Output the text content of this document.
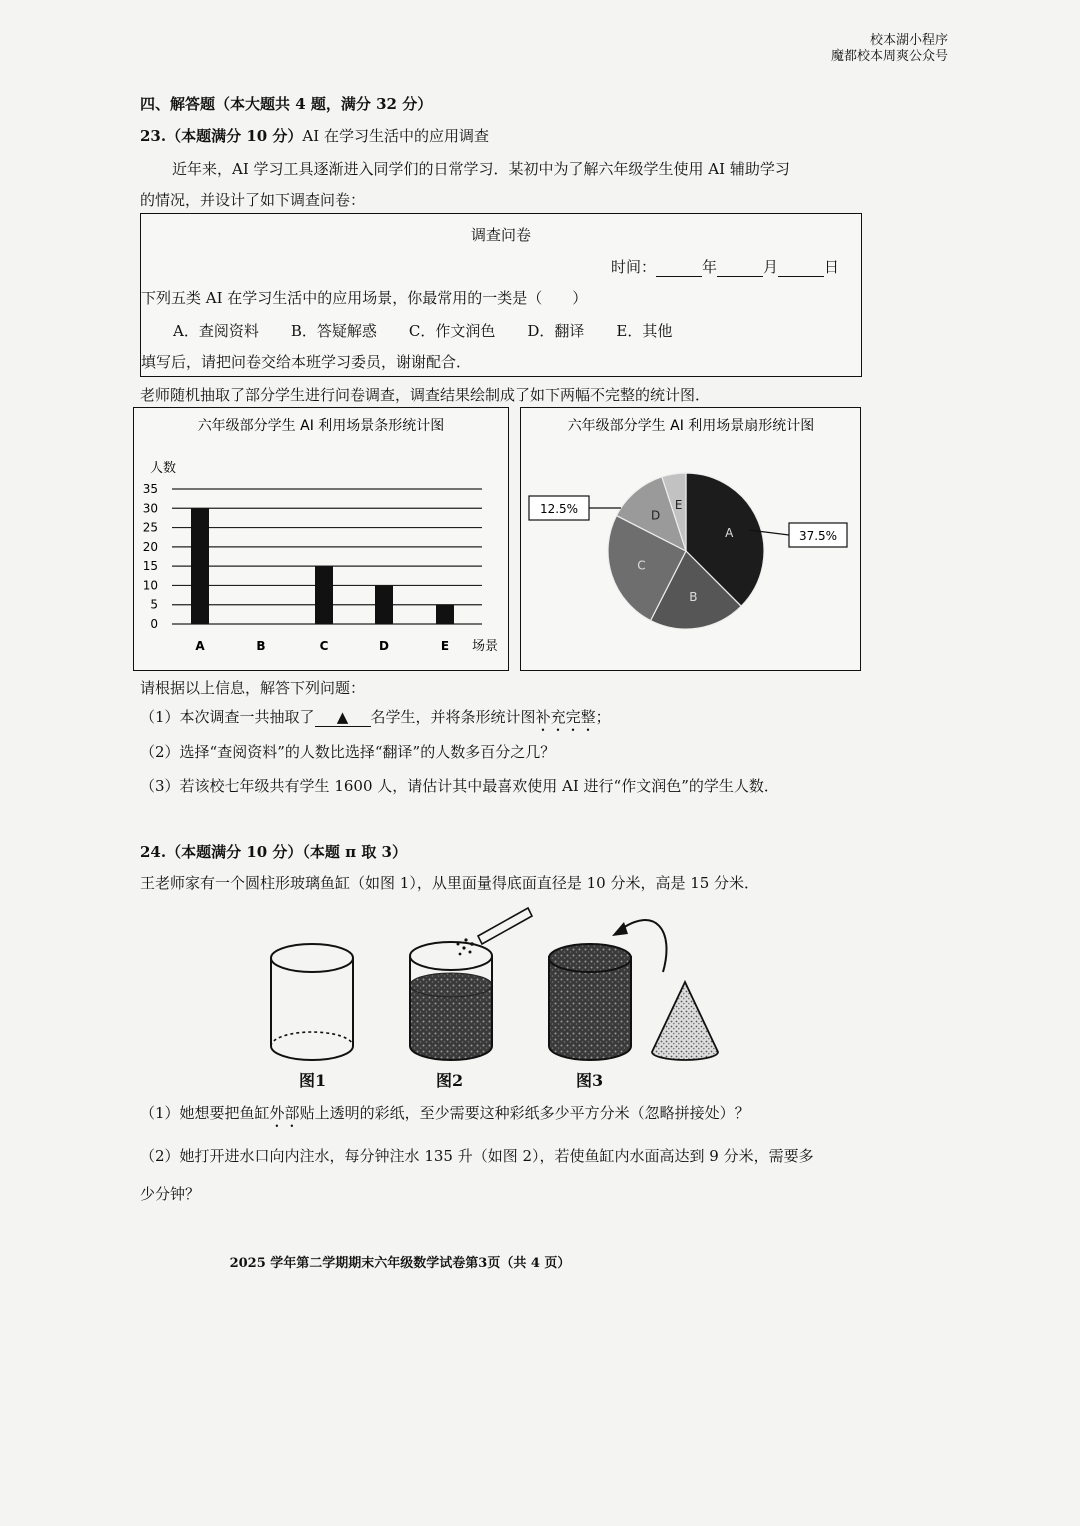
校本湖小程序
魔都校本周爽公众号
四、解答题（本大题共 4 题，满分 32 分）
23.（本题满分 10 分）AI 在学习生活中的应用调查
近年来，AI 学习工具逐渐进入同学们的日常学习．某初中为了解六年级学生使用 AI 辅助学习
的情况，并设计了如下调查问卷：
调查问卷
时间：	年	月	日
下列五类 AI 在学习生活中的应用场景，你最常用的一类是（　　）
A．查阅资料 B．答疑解惑 C．作文润色 D．翻译 E．其他
填写后，请把问卷交给本班学习委员，谢谢配合．
老师随机抽取了部分学生进行问卷调查，调查结果绘制成了如下两幅不完整的统计图．
六年级部分学生 AI 利用场景条形统计图
人数
场景
0
5
10
15
20
25
30
35
A	B	C	D	E
六年级部分学生 AI 利用场景扇形统计图
A
B
C
D
E
12.5%
37.5%
请根据以上信息，解答下列问题：
（1）本次调查一共抽取了 ▲ 名学生，并将条形统计图补充完整；
（2）选择“查阅资料”的人数比选择“翻译”的人数多百分之几？
（3）若该校七年级共有学生 1600 人，请估计其中最喜欢使用 AI 进行“作文润色”的学生人数．
24.（本题满分 10 分）（本题 π 取 3）
王老师家有一个圆柱形玻璃鱼缸（如图 1），从里面量得底面直径是 10 分米，高是 15 分米．
图1	图2	图3
（1）她想要把鱼缸外部贴上透明的彩纸，至少需要这种彩纸多少平方分米（忽略拼接处）？
（2）她打开进水口向内注水，每分钟注水 135 升（如图 2），若使鱼缸内水面高达到 9 分米，需要多
少分钟？
2025 学年第二学期期末六年级数学试卷第3页（共 4 页）
